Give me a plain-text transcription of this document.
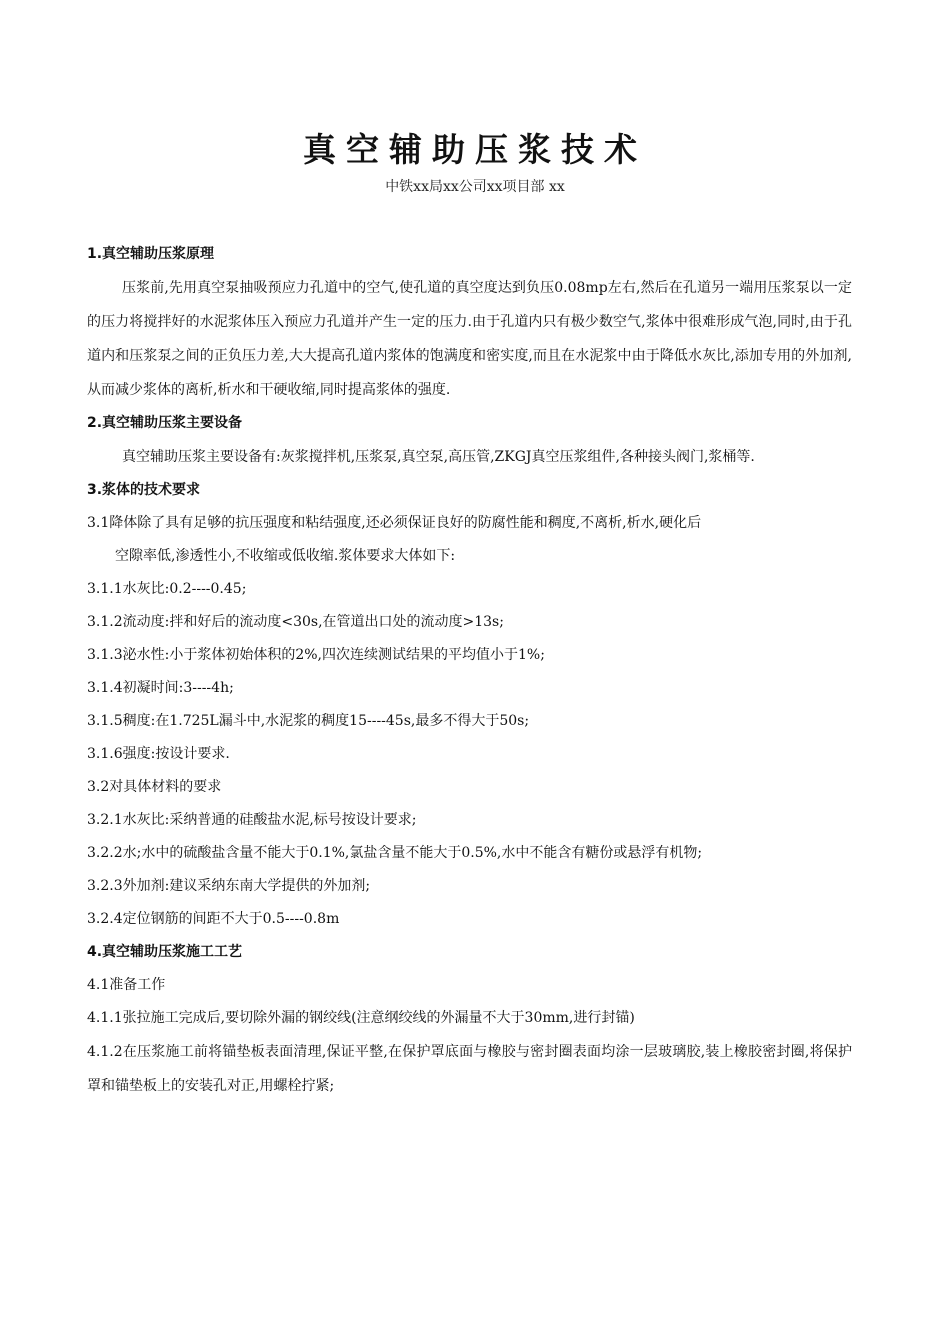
真空辅助压浆技术
中铁xx局xx公司xx项目部 xx

1.真空辅助压浆原理

压浆前,先用真空泵抽吸预应力孔道中的空气,使孔道的真空度达到负压0.08mp左右,然后在孔道另一端用压浆泵以一定的压力将搅拌好的水泥浆体压入预应力孔道并产生一定的压力.由于孔道内只有极少数空气,浆体中很难形成气泡,同时,由于孔道内和压浆泵之间的正负压力差,大大提高孔道内浆体的饱满度和密实度,而且在水泥浆中由于降低水灰比,添加专用的外加剂,从而减少浆体的离析,析水和干硬收缩,同时提高浆体的强度.

2.真空辅助压浆主要设备

真空辅助压浆主要设备有:灰浆搅拌机,压浆泵,真空泵,高压管,ZKGJ真空压浆组件,各种接头阀门,浆桶等.

3.浆体的技术要求

3.1降体除了具有足够的抗压强度和粘结强度,还必须保证良好的防腐性能和稠度,不离析,析水,硬化后

空隙率低,渗透性小,不收缩或低收缩.浆体要求大体如下:

3.1.1水灰比:0.2----0.45;

3.1.2流动度:拌和好后的流动度<30s,在管道出口处的流动度>13s;

3.1.3泌水性:小于浆体初始体积的2%,四次连续测试结果的平均值小于1%;

3.1.4初凝时间:3----4h;

3.1.5稠度:在1.725L漏斗中,水泥浆的稠度15----45s,最多不得大于50s;

3.1.6强度:按设计要求.

3.2对具体材料的要求

3.2.1水灰比:采纳普通的硅酸盐水泥,标号按设计要求;

3.2.2水;水中的硫酸盐含量不能大于0.1%,氯盐含量不能大于0.5%,水中不能含有糖份或悬浮有机物;

3.2.3外加剂:建议采纳东南大学提供的外加剂;

3.2.4定位钢筋的间距不大于0.5----0.8m

4.真空辅助压浆施工工艺

4.1准备工作

4.1.1张拉施工完成后,要切除外漏的钢绞线(注意纲绞线的外漏量不大于30mm,进行封锚)

4.1.2在压浆施工前将锚垫板表面清理,保证平整,在保护罩底面与橡胶与密封圈表面均涂一层玻璃胶,装上橡胶密封圈,将保护罩和锚垫板上的安装孔对正,用螺栓拧紧;
